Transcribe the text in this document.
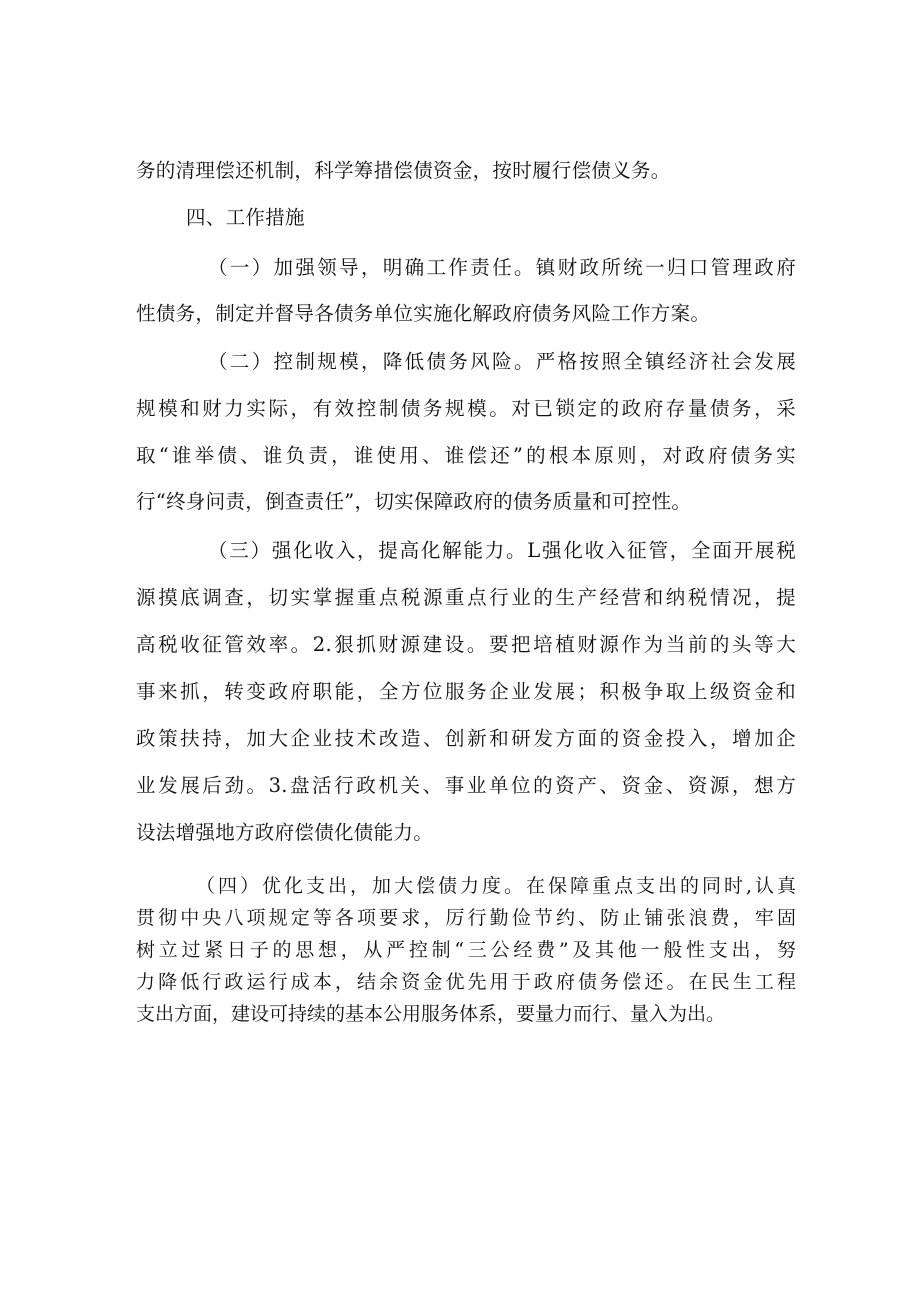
务的清理偿还机制，科学筹措偿债资金，按时履行偿债义务。

四、工作措施

（一）加强领导，明确工作责任。镇财政所统一归口管理政府

性债务，制定并督导各债务单位实施化解政府债务风险工作方案。

（二）控制规模，降低债务风险。严格按照全镇经济社会发展

规模和财力实际，有效控制债务规模。对已锁定的政府存量债务，采

取“谁举债、谁负责，谁使用、谁偿还”的根本原则，对政府债务实

行“终身问责，倒查责任”，切实保障政府的债务质量和可控性。

（三）强化收入，提高化解能力。L强化收入征管，全面开展税

源摸底调查，切实掌握重点税源重点行业的生产经营和纳税情况，提

高税收征管效率。2.狠抓财源建设。要把培植财源作为当前的头等大

事来抓，转变政府职能，全方位服务企业发展；积极争取上级资金和

政策扶持，加大企业技术改造、创新和研发方面的资金投入，增加企

业发展后劲。3.盘活行政机关、事业单位的资产、资金、资源，想方

设法增强地方政府偿债化债能力。

（四）优化支出，加大偿债力度。在保障重点支出的同时,认真

贯彻中央八项规定等各项要求，厉行勤俭节约、防止铺张浪费，牢固

树立过紧日子的思想，从严控制“三公经费”及其他一般性支出，努

力降低行政运行成本，结余资金优先用于政府债务偿还。在民生工程

支出方面，建设可持续的基本公用服务体系，要量力而行、量入为出。
